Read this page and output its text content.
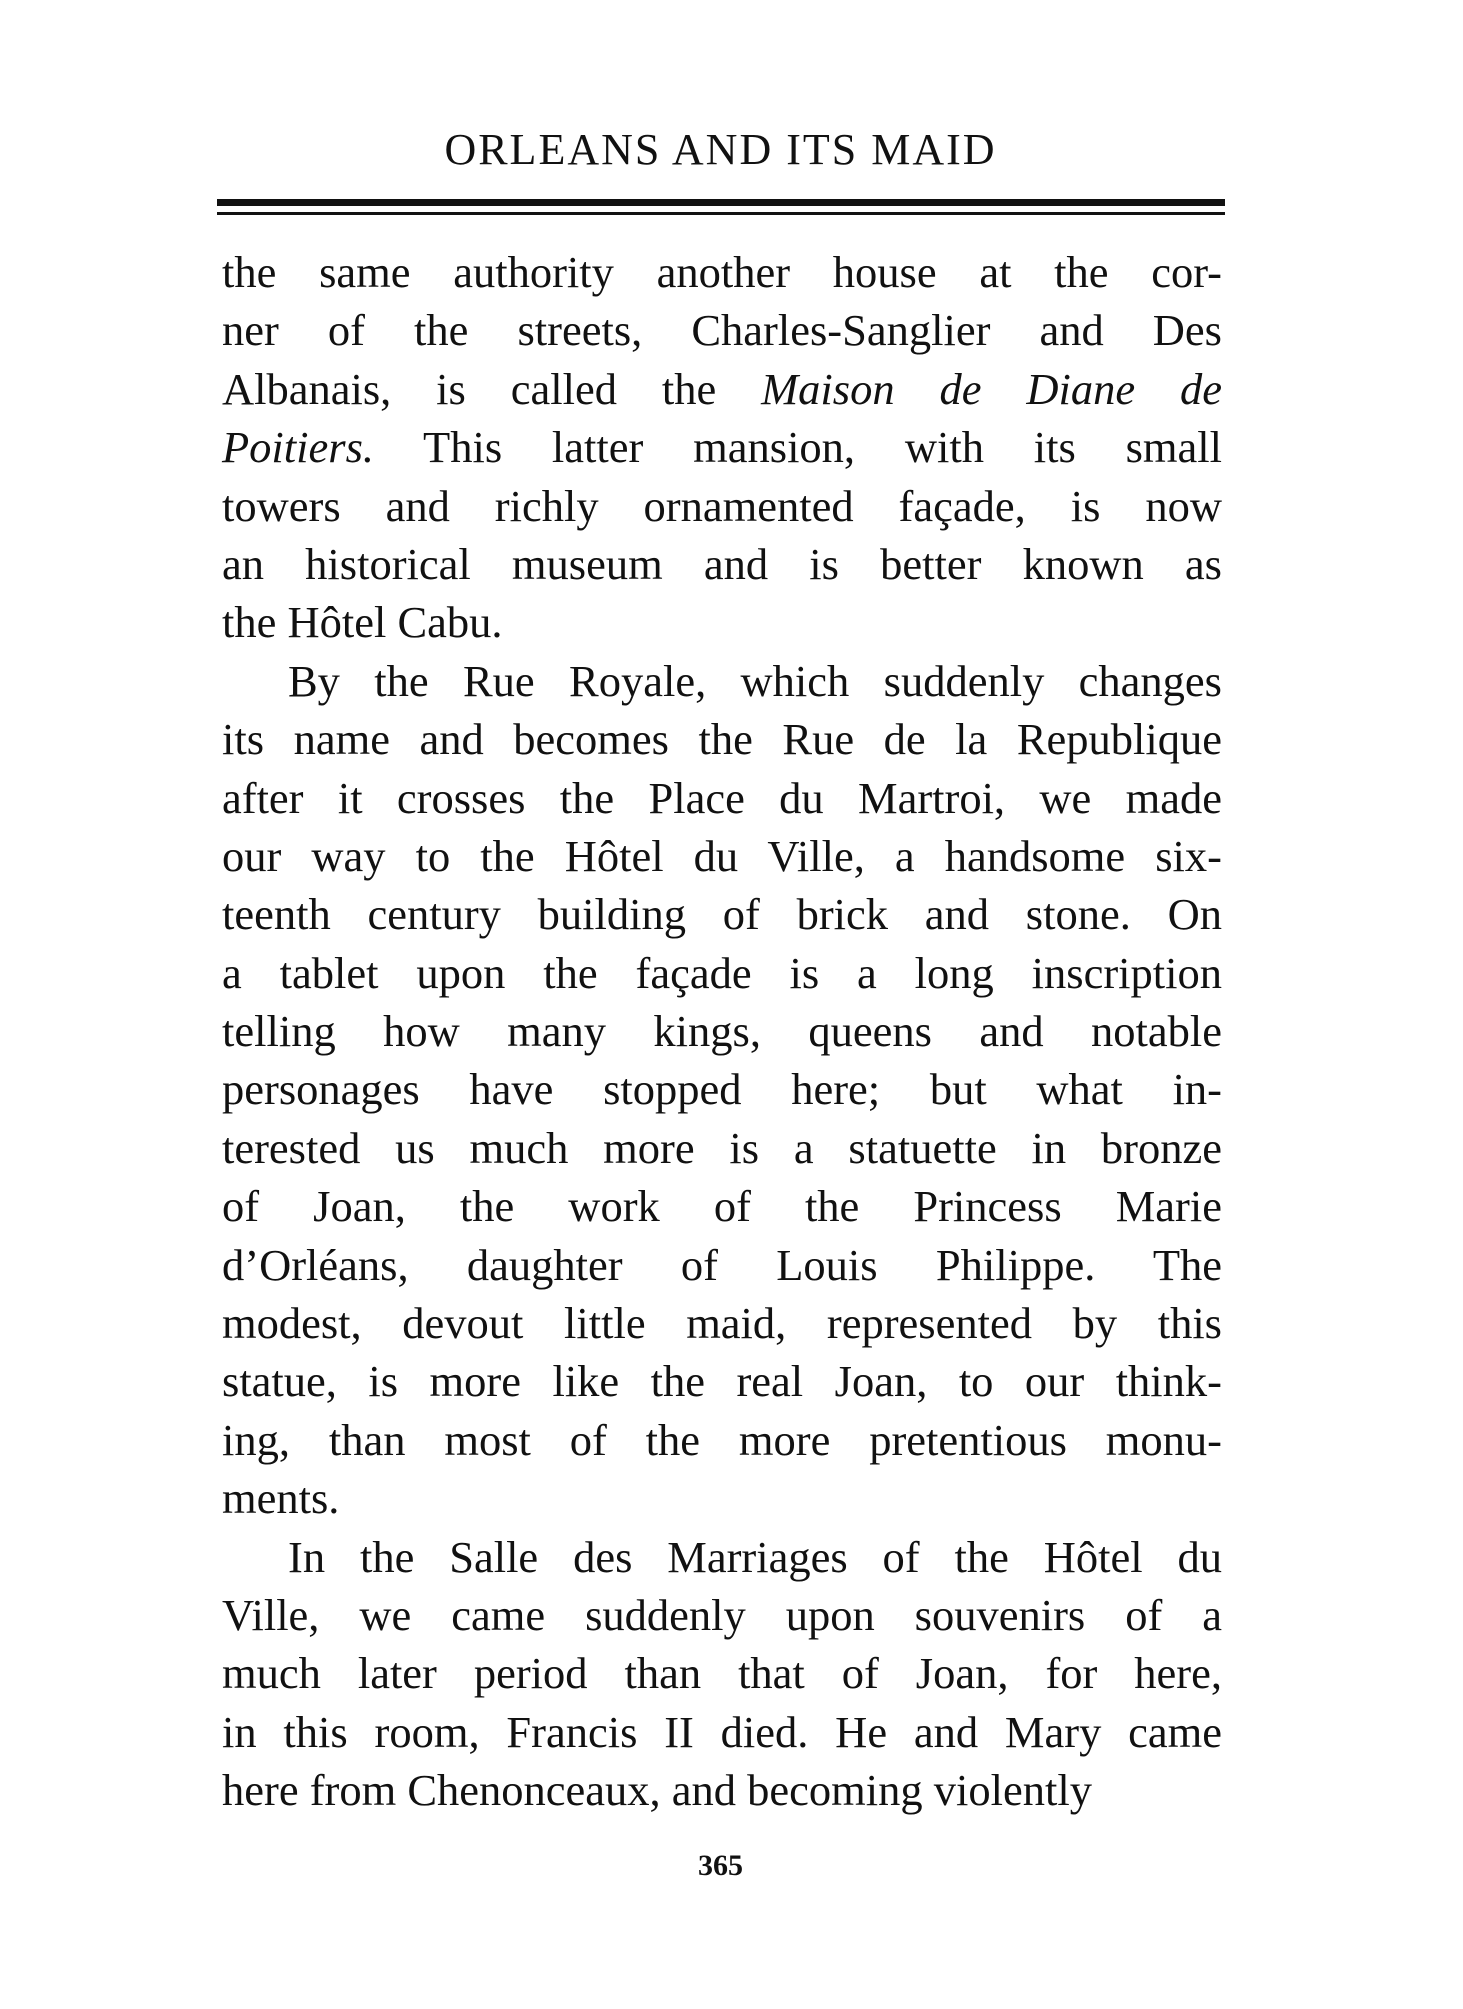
ORLEANS AND ITS MAID
the same authority another house at the cor-
ner of the streets, Charles-Sanglier and Des
Albanais, is called the Maison de Diane de
Poitiers. This latter mansion, with its small
towers and richly ornamented façade, is now
an historical museum and is better known as
the Hôtel Cabu.
By the Rue Royale, which suddenly changes
its name and becomes the Rue de la Republique
after it crosses the Place du Martroi, we made
our way to the Hôtel du Ville, a handsome six-
teenth century building of brick and stone. On
a tablet upon the façade is a long inscription
telling how many kings, queens and notable
personages have stopped here; but what in-
terested us much more is a statuette in bronze
of Joan, the work of the Princess Marie
d’Orléans, daughter of Louis Philippe. The
modest, devout little maid, represented by this
statue, is more like the real Joan, to our think-
ing, than most of the more pretentious monu-
ments.
In the Salle des Marriages of the Hôtel du
Ville, we came suddenly upon souvenirs of a
much later period than that of Joan, for here,
in this room, Francis II died. He and Mary came
here from Chenonceaux, and becoming violently
365
